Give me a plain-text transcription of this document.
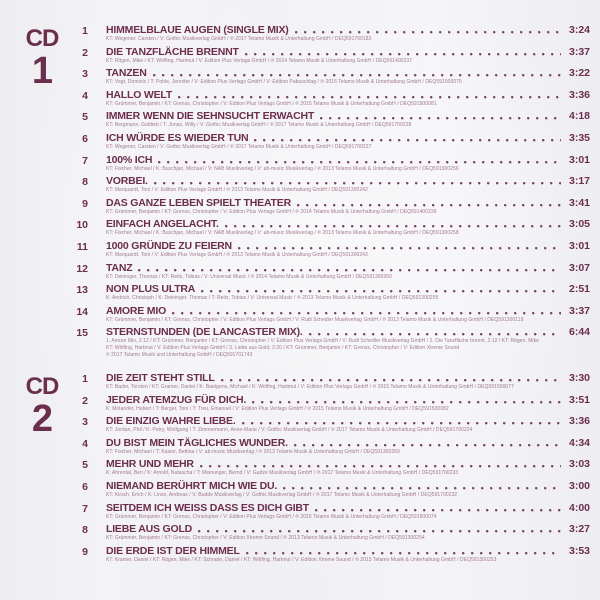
CD
1
1 HIMMELBLAUE AUGEN (SINGLE MIX)	3:24
KT: Wegener, Carsten / V: Gothic Musikverlag GmbH / ℗ 2017 Telamo Musik & Unterhaltung GmbH / DEQ591700183
2 DIE TANZFLÄCHE BRENNT	3:37
KT: Ritgen, Mike / KT: Wölfing, Hartmut / V: Edition Plus Verlags GmbH / ℗ 2014 Telamo Musik & Unterhaltung GmbH / DEQ591400237
3 TANZEN	3:22
KT: Vogt, Dominic / T: Pohle, Jennifer / V: Edition Plus Verlags GmbH / V: Edition Pabuschlag / ℗ 2015 Telamo Musik & Unterhaltung GmbH / DEQ591500075
4 HALLO WELT	3:36
KT: Grümmer, Benjamin / KT: Grenss, Christopher / V: Edition Plus Verlags GmbH / ℗ 2015 Telamo Musik & Unterhaltung GmbH / DEQ591500081
5 IMMER WENN DIE SEHNSUCHT ERWACHT	4:18
KT: Bergmann, Gottlieb / T: Jonas, Willy / V: Gothic Musikverlag GmbH / ℗ 2017 Telamo Musik & Unterhaltung GmbH / DEQ591700228
6 ICH WÜRDE ES WIEDER TUN	3:35
KT: Wegener, Carsten / V: Gothic Musikverlag GmbH / ℗ 2017 Telamo Musik & Unterhaltung GmbH / DEQ591700227
7 100% ICH	3:01
KT: Fischer, Michael / K: Buschjan, Michael / V: NAB Musikverlag / V: ab-music Musikverlag / ℗ 2013 Telamo Musik & Unterhaltung GmbH / DEQ591300256
8 VORBEI.	3:17
KT: Marquardt, Toni / V: Edition Plus Verlags GmbH / ℗ 2013 Telamo Musik & Unterhaltung GmbH / DEQ591300242
9 DAS GANZE LEBEN SPIELT THEATER	3:41
KT: Grümmer, Benjamin / KT: Grenss, Christopher / V: Edition Plus Verlags GmbH / ℗ 2014 Telamo Musik & Unterhaltung GmbH / DEQ591400239
10 EINFACH ANGELACHT.	3:05
KT: Fischer, Michael / K: Buschjan, Michael / V: NAB Musikverlag / V: ab-music Musikverlag / ℗ 2013 Telamo Musik & Unterhaltung GmbH / DEQ591300258
11 1000 GRÜNDE ZU FEIERN	3:01
KT: Marquardt, Toni / V: Edition Plus Verlags GmbH / ℗ 2013 Telamo Musik & Unterhaltung GmbH / DEQ591300243
12 TANZ	3:07
KT: Deininger, Thomas / KT: Reitz, Tobias / V: Universal Music / ℗ 2014 Telamo Musik & Unterhaltung GmbH / DEQ591300260
13 NON PLUS ULTRA	2:51
K: Andrich, Christoph / K: Deininger, Thomas / T: Reitz, Tobias / V: Universal Music / ℗ 2013 Telamo Musik & Unterhaltung GmbH / DEQ591300255
14 AMORE MIO	3:37
KT: Grümmer, Benjamin / KT: Grenss, Christopher / V: Edition Plus Verlags GmbH / V: Rudi Schedler Musikverlag GmbH / ℗ 2013 Telamo Musik & Unterhaltung GmbH / DEQ591300119
15 STERNSTUNDEN (DE LANCASTER MIX).	6:44
1. Amore Mio, 2:12 / KT: Grümmer, Benjamin / KT: Grenss, Christopher / V: Edition Plus Verlags GmbH / V: Rudi Schedler Musikverlag GmbH / 2. Die Tanzfläche brennt, 2:12 / KT: Ritgen, Mike
KT: Wölfing, Hartmut / V: Edition Plus Verlags GmbH / 3. Liebe aus Gold, 2:20 / KT: Grümmer, Benjamin / KT: Grenss, Christopher / V: Edition Xtreme Sound
℗ 2017 Telamo Musik und Unterhaltung GmbH / DEQ591701743
CD
2
1 DIE ZEIT STEHT STILL	3:30
KT: Bader, Torsten / KT: Gramer, Daniel / K: Baetgens, Michael / K: Wölfing, Hartmut / V: Edition Plus Verlags GmbH / ℗ 2015 Telamo Musik & Unterhaltung GmbH / DEQ591500077
2 JEDER ATEMZUG FÜR DICH.	3:51
K: Molander, Hubert / T: Berger, Toni / T: Treu, Emanuel / V: Edition Plus Verlags GmbH / ℗ 2015 Telamo Musik & Unterhaltung GmbH / DEQ591500082
3 DIE EINZIG WAHRE LIEBE.	3:36
KT: Jordan, Phil / K: Petry, Wolfgang / T: Zimmermann, Anne-Marie / V: Gothic Musikverlag GmbH / ℗ 2017 Telamo Musik & Unterhaltung GmbH / DEQ591700224
4 DU BIST MEIN TÄGLICHES WUNDER.	4:34
KT: Fischer, Michael / T: Kaiser, Bettina / V: ab-music Musikverlag / ℗ 2013 Telamo Musik & Unterhaltung GmbH / DEQ591300259
5 MEHR UND MEHR	3:03
K: Ahrental, Ben / K: Arnold, Natascha / T: Meinunger, Bernd / V: Gudze Musikverlag GmbH / ℗ 2017 Telamo Musik & Unterhaltung GmbH / DEQ591700233
6 NIEMAND BERÜHRT MICH WIE DU.	3:00
KT: Kirsch, Erich / K: Linse, Andreas / V: Budde Musikverlag / V: Gothic Musikverlag GmbH / ℗ 2017 Telamo Musik & Unterhaltung GmbH / DEQ591700232
7 SEITDEM ICH WEISS DASS ES DICH GIBT	4:00
KT: Grümmer, Benjamin / KT: Grenss, Christopher / V: Edition Plus Verlags GmbH / ℗ 2015 Telamo Musik & Unterhaltung GmbH / DEQ591500074
8 LIEBE AUS GOLD	3:27
KT: Grümmer, Benjamin / KT: Grenss, Christopher / V: Edition Xtreme Sound / ℗ 2013 Telamo Musik & Unterhaltung GmbH / DEQ591300254
9 DIE ERDE IST DER HIMMEL	3:53
KT: Kramer, Daniel / KT: Ritgen, Mike / KT: Schrade, Daniel / KT: Wölfing, Hartmut / V: Edition Xtreme Sound / ℗ 2013 Telamo Musik & Unterhaltung GmbH / DEQ591300253
